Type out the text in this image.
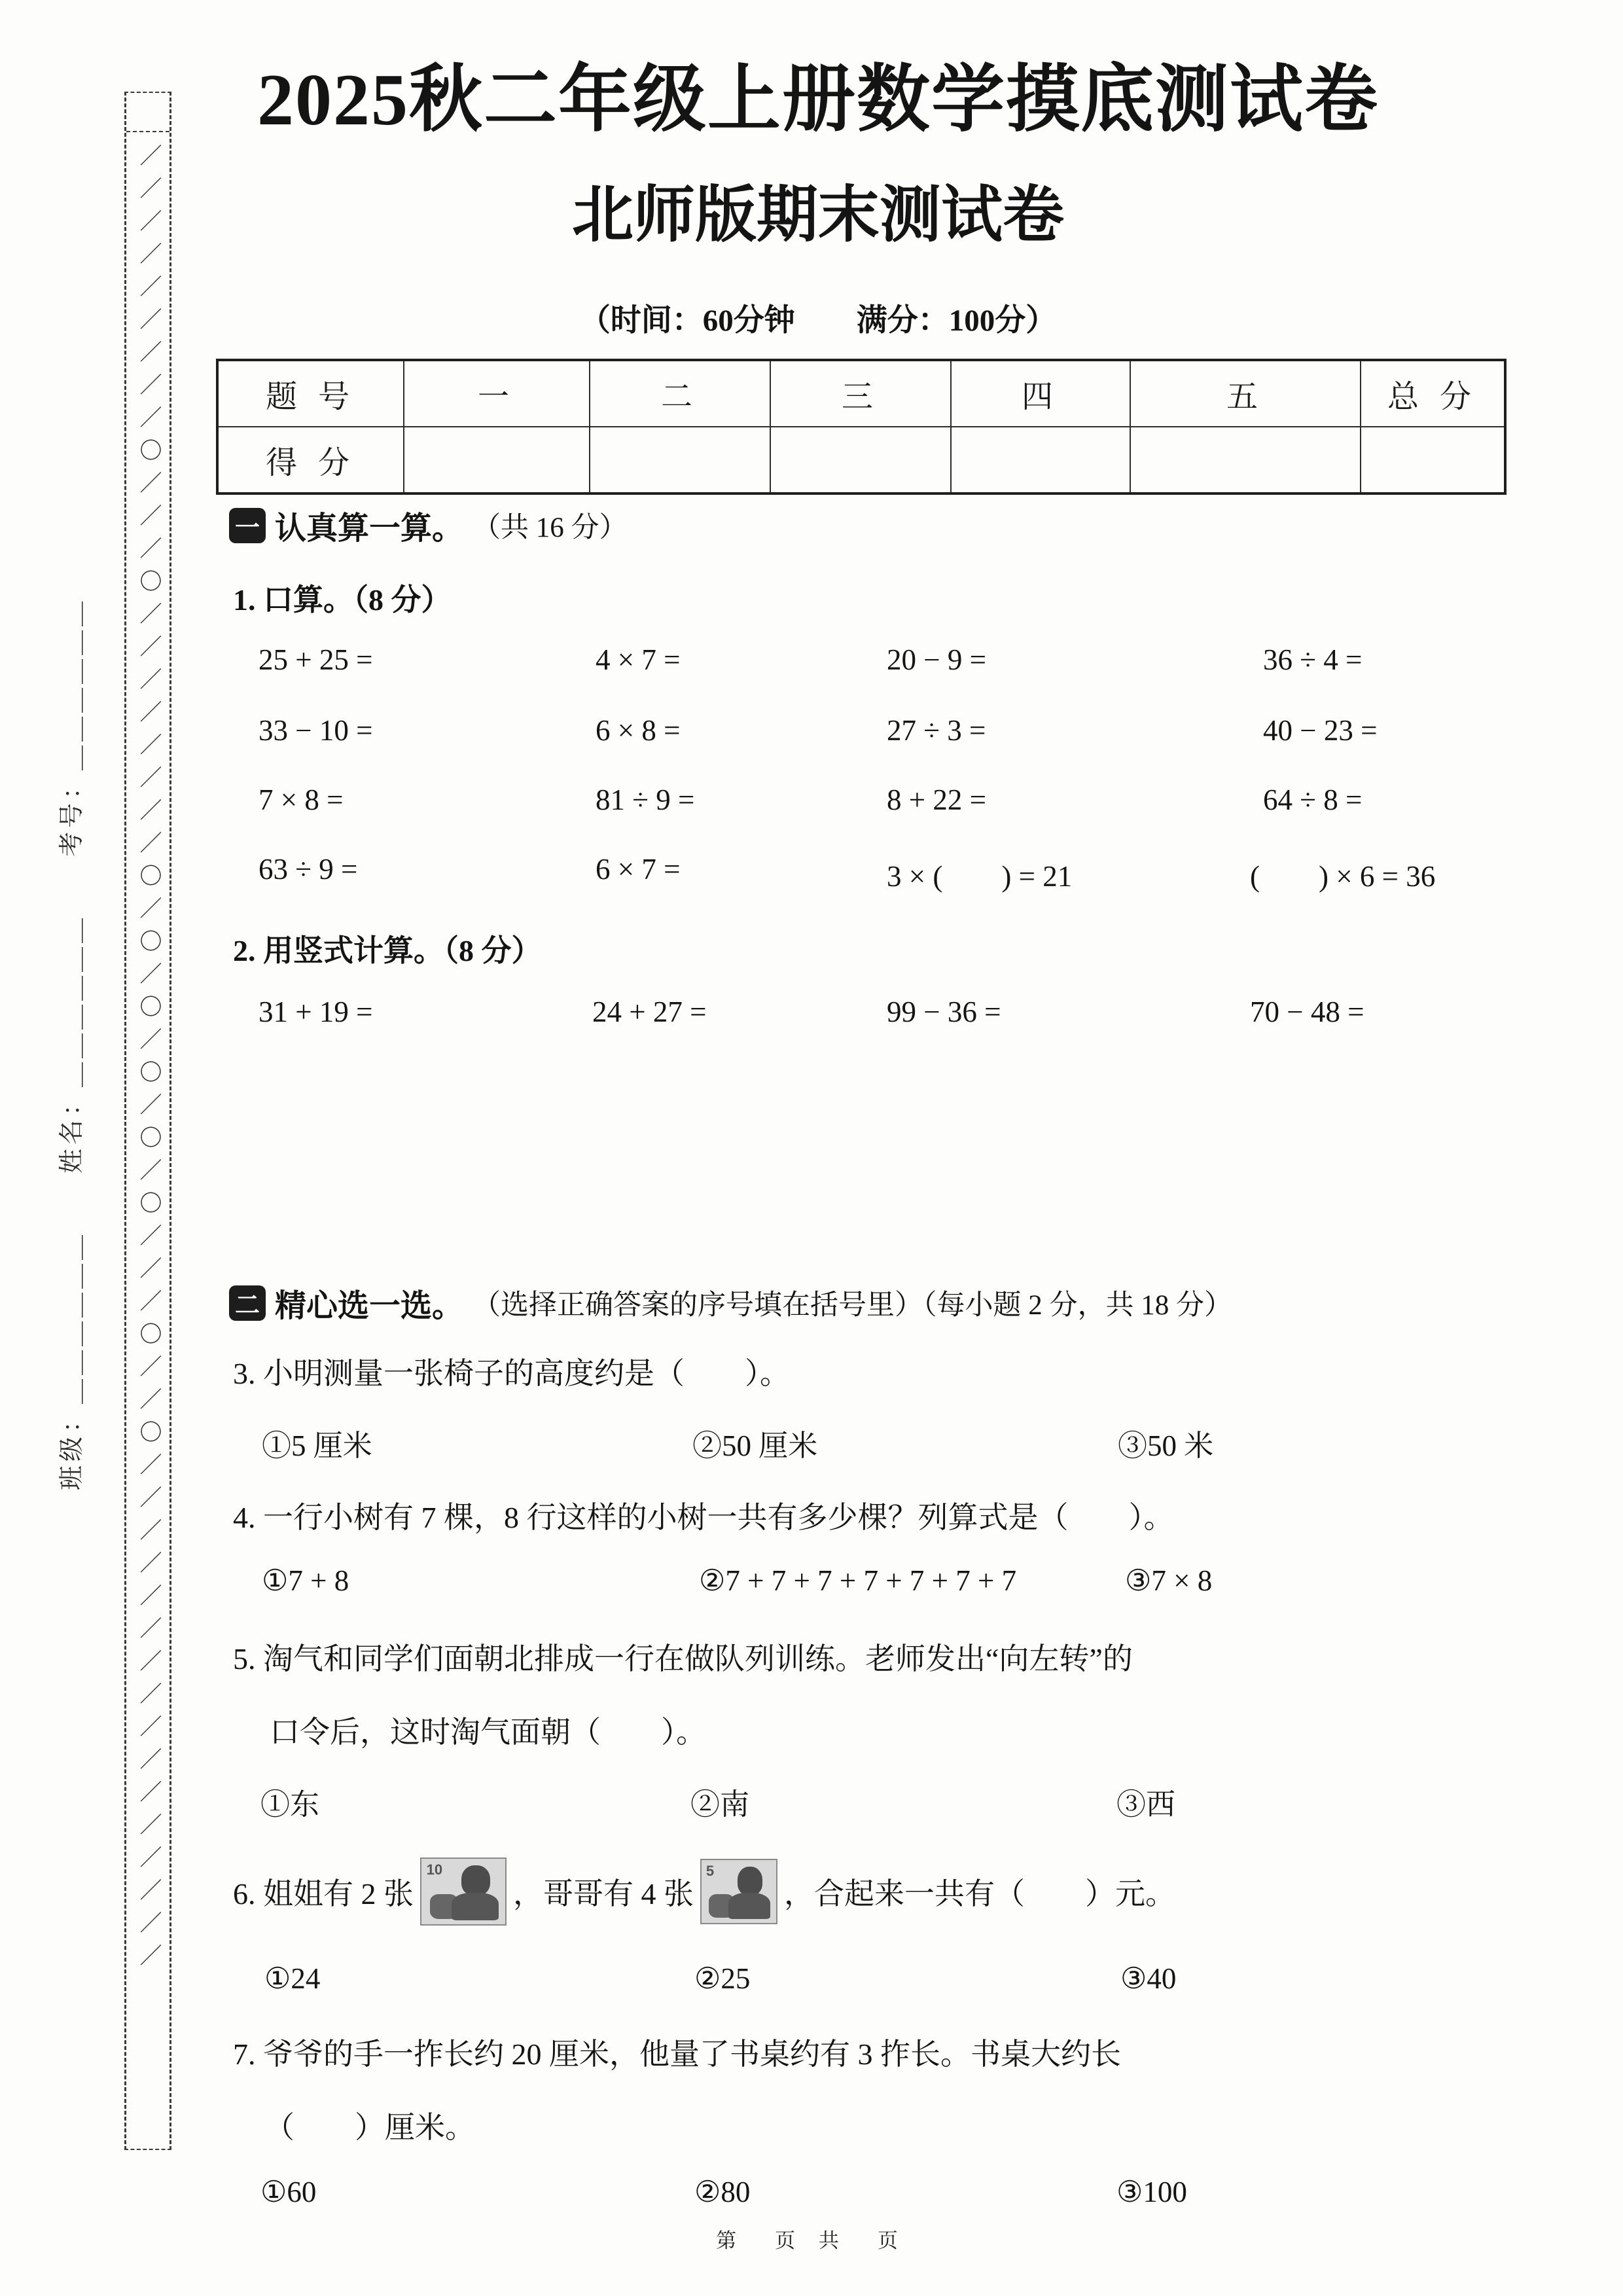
／／／／／／／／／〇／／／〇／／／／／／／／〇／〇／〇／〇／〇／〇／／／〇／／〇／／／／／／／／／／／／／／／／
班级：＿＿＿＿＿＿　　姓名：＿＿＿＿＿＿　　考号：＿＿＿＿＿＿
2025秋二年级上册数学摸底测试卷
北师版期末测试卷
（时间：60分钟　　满分：100分）
题 号	一	二	三	四	五	总 分
得 分						
一 认真算一算。 （共 16 分）
1. 口算。（8 分）
25 + 25 =	4 × 7 =	20 − 9 =	36 ÷ 4 =
33 − 10 =	6 × 8 =	27 ÷ 3 =	40 − 23 =
7 × 8 =	81 ÷ 9 =	8 + 22 =	64 ÷ 8 =
63 ÷ 9 =	6 × 7 =	3 × (　　) = 21	(　　) × 6 = 36
2. 用竖式计算。（8 分）
31 + 19 =	24 + 27 =	99 − 36 =	70 − 48 =
二 精心选一选。 （选择正确答案的序号填在括号里）（每小题 2 分，共 18 分）
3. 小明测量一张椅子的高度约是（　　）。
①5 厘米	②50 厘米	③50 米
4. 一行小树有 7 棵，8 行这样的小树一共有多少棵？列算式是（　　）。
①7 + 8	②7 + 7 + 7 + 7 + 7 + 7 + 7	③7 × 8
5. 淘气和同学们面朝北排成一行在做队列训练。老师发出“向左转”的
口令后，这时淘气面朝（　　）。
①东	②南	③西
6. 姐姐有 2 张
10
，哥哥有 4 张
5
，合起来一共有（　　）元。
①24	②25	③40
7. 爷爷的手一拃长约 20 厘米，他量了书桌约有 3 拃长。书桌大约长
（　　）厘米。
①60	②80	③100
第　页 共　页
